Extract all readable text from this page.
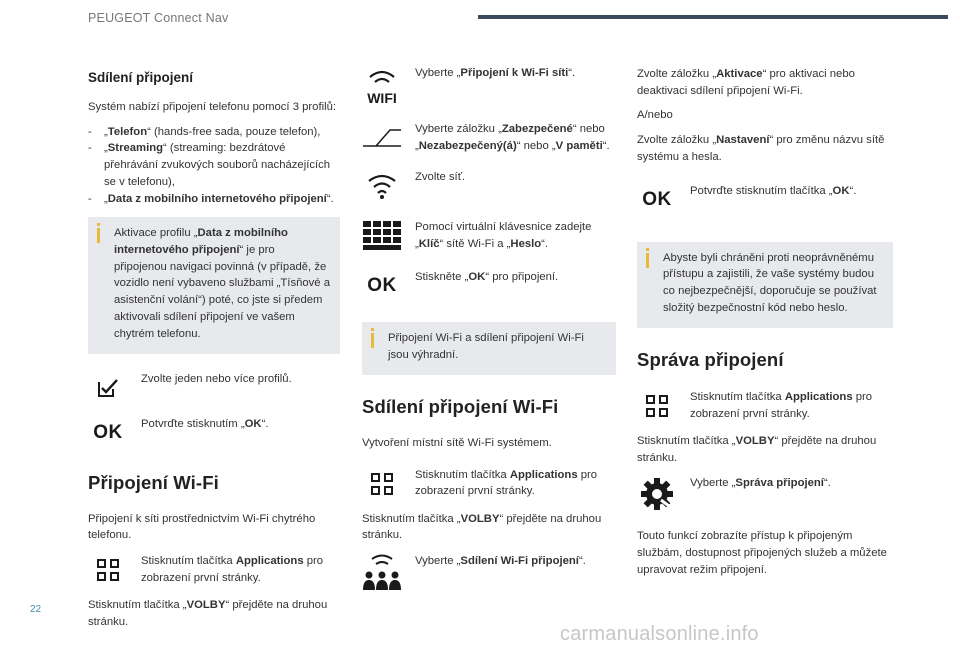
PEUGEOT Connect Nav
Sdílení připojení

Systém nabízí připojení telefonu pomocí 3 profilů:

-	„Telefon“ (hands-free sada, pouze telefon),
-	„Streaming“ (streaming: bezdrátové přehrávání zvukových souborů nacházejících se v telefonu),
-	„Data z mobilního internetového připojení“.
Aktivace profilu „Data z mobilního internetového připojení“ je pro připojenou navigaci povinná (v případě, že vozidlo není vybaveno službami „Tísňové a asistenční volání“) poté, co jste si předem aktivovali sdílení připojení ve vašem chytrém telefonu.
Zvolte jeden nebo více profilů.
OK	Potvrďte stisknutím „OK“.
Připojení Wi-Fi

Připojení k síti prostřednictvím Wi-Fi chytrého telefonu.

Stisknutím tlačítka Applications pro zobrazení první stránky.

Stisknutím tlačítka „VOLBY“ přejděte na druhou stránku.

WIFI
Vyberte „Připojení k Wi-Fi síti“.
Vyberte záložku „Zabezpečené“ nebo „Nezabezpečený(á)“ nebo „V paměti“.
Zvolte síť.
Pomocí virtuální klávesnice zadejte „Klíč“ sítě Wi-Fi a „Heslo“.
OK	Stiskněte „OK“ pro připojení.
Připojení Wi-Fi a sdílení připojení Wi-Fi jsou výhradní.
Sdílení připojení Wi-Fi

Vytvoření místní sítě Wi-Fi systémem.

Stisknutím tlačítka Applications pro zobrazení první stránky.

Stisknutím tlačítka „VOLBY“ přejděte na druhou stránku.

Vyberte „Sdílení Wi-Fi připojení“.

Zvolte záložku „Aktivace“ pro aktivaci nebo deaktivaci sdílení připojení Wi-Fi.

A/nebo

Zvolte záložku „Nastavení“ pro změnu názvu sítě systému a hesla.

OK	Potvrďte stisknutím tlačítka „OK“.
Abyste byli chráněni proti neoprávněnému přístupu a zajistili, že vaše systémy budou co nejbezpečnější, doporučuje se používat složitý bezpečnostní kód nebo heslo.
Správa připojení
Stisknutím tlačítka Applications pro zobrazení první stránky.

Stisknutím tlačítka „VOLBY“ přejděte na druhou stránku.

Vyberte „Správa připojení“.

Touto funkcí zobrazíte přístup k připojeným službám, dostupnost připojených služeb a můžete upravovat režim připojení.

22
carmanualsonline.info
